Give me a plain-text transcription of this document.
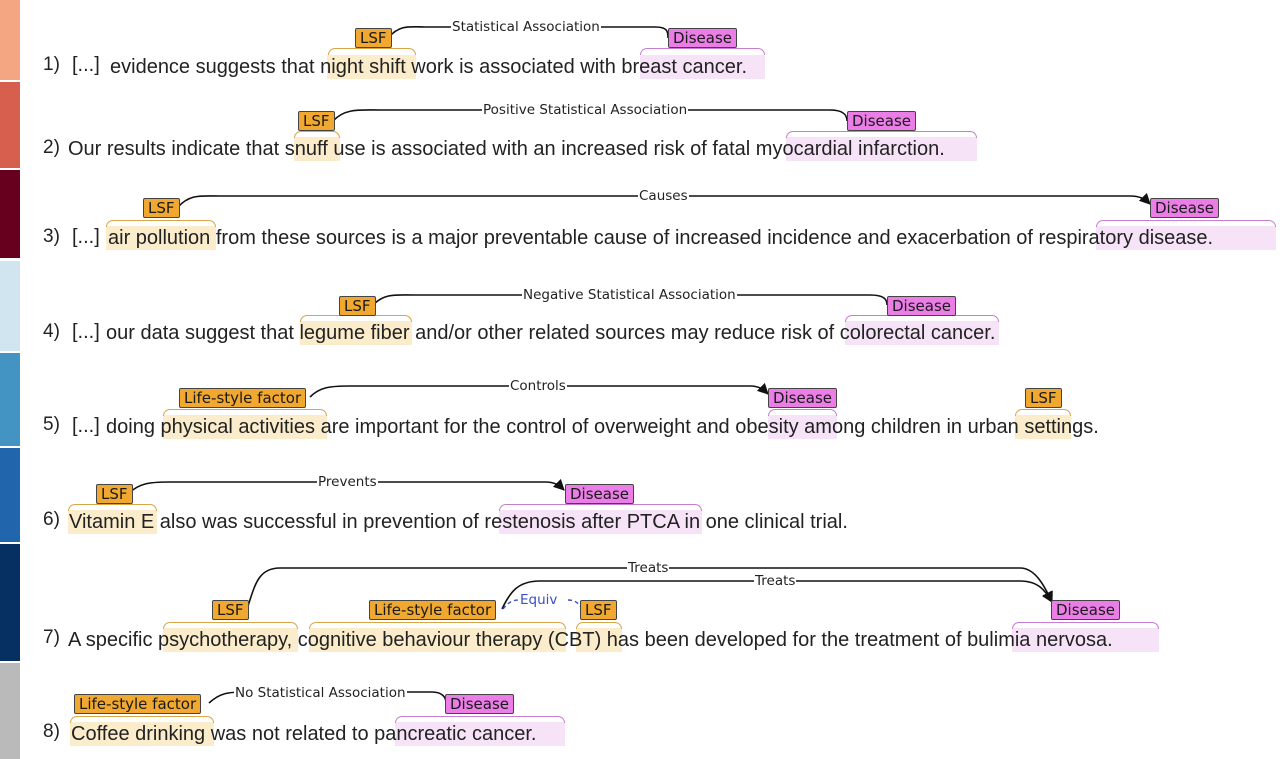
1) [...] evidence suggests that night shift work is associated with breast cancer.
LSF	Disease
Statistical Association
2) Our results indicate that snuff use is associated with an increased risk of fatal myocardial infarction.
LSF	Disease
Positive Statistical Association
3) [...] air pollution from these sources is a major preventable cause of increased incidence and exacerbation of respiratory disease.
LSF	Disease
Causes
4) [...] our data suggest that legume fiber and/or other related sources may reduce risk of colorectal cancer.
LSF	Disease
Negative Statistical Association
5) [...] doing physical activities are important for the control of overweight and obesity among children in urban settings.
Life-style factor	Disease	LSF
Controls
6) Vitamin E also was successful in prevention of restenosis after PTCA in one clinical trial.
LSF	Disease
Prevents
7) A specific psychotherapy, cognitive behaviour therapy (CBT) has been developed for the treatment of bulimia nervosa.
LSF	Life-style factor	LSF	Disease
Treats
Treats
Equiv
8) Coffee drinking was not related to pancreatic cancer.
Life-style factor	Disease
No Statistical Association
